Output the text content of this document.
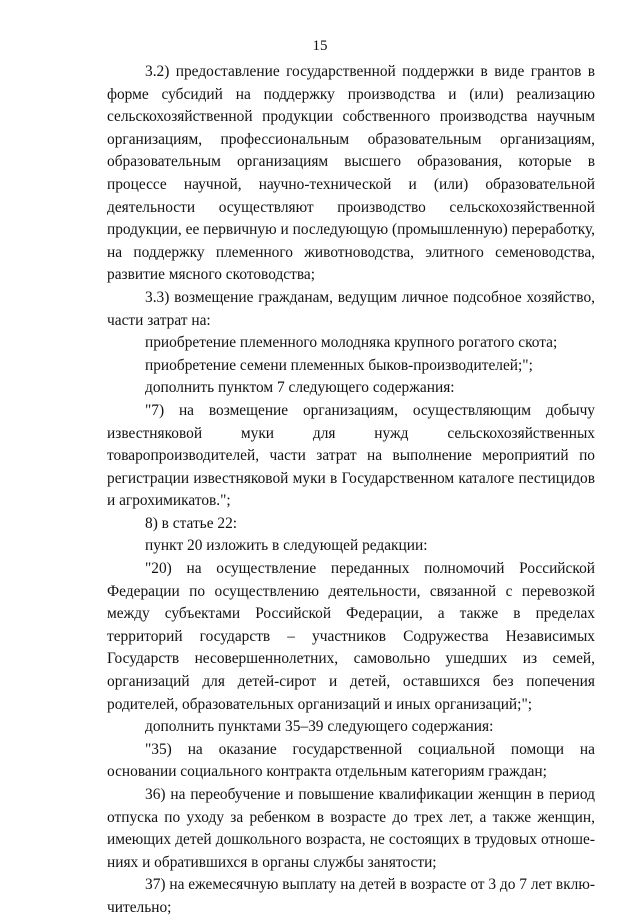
15

3.2) предоставление государственной поддержки в виде грантов в форме субсидий на поддержку производства и (или) реализацию сельскохозяйственной продукции собственного производства научным организациям, профессиональным образовательным организациям, образовательным организациям высшего образования, которые в процессе научной, научно-технической и (или) образовательной деятельности осуществляют производство сельскохозяйственной продукции, ее первичную и последующую (промышленную) переработку, на поддержку племенного животноводства, элитного семеноводства, развитие мясного скотоводства;

3.3) возмещение гражданам, ведущим личное подсобное хозяйство, части затрат на:

приобретение племенного молодняка крупного рогатого скота;

приобретение семени племенных быков-производителей;";

дополнить пунктом 7 следующего содержания:

"7) на возмещение организациям, осуществляющим добычу известняковой муки для нужд сельскохозяйственных товаропроизводителей, части затрат на выполнение мероприятий по регистрации известняковой муки в Государственном каталоге пестицидов и агрохимикатов.";

8) в статье 22:

пункт 20 изложить в следующей редакции:

"20) на осуществление переданных полномочий Российской Федерации по осуществлению деятельности, связанной с перевозкой между субъектами Российской Федерации, а также в пределах территорий государств – участников Содружества Независимых Государств несовершеннолетних, самовольно ушедших из семей, организаций для детей-сирот и детей, оставшихся без попечения родителей, образовательных организаций и иных организаций;";

дополнить пунктами 35–39 следующего содержания:

"35) на оказание государственной социальной помощи на основании социального контракта отдельным категориям граждан;

36) на переобучение и повышение квалификации женщин в период отпуска по уходу за ребенком в возрасте до трех лет, а также женщин, имеющих детей дошкольного возраста, не состоящих в трудовых отношениях и обратившихся в органы службы занятости;

37) на ежемесячную выплату на детей в возрасте от 3 до 7 лет включительно;
